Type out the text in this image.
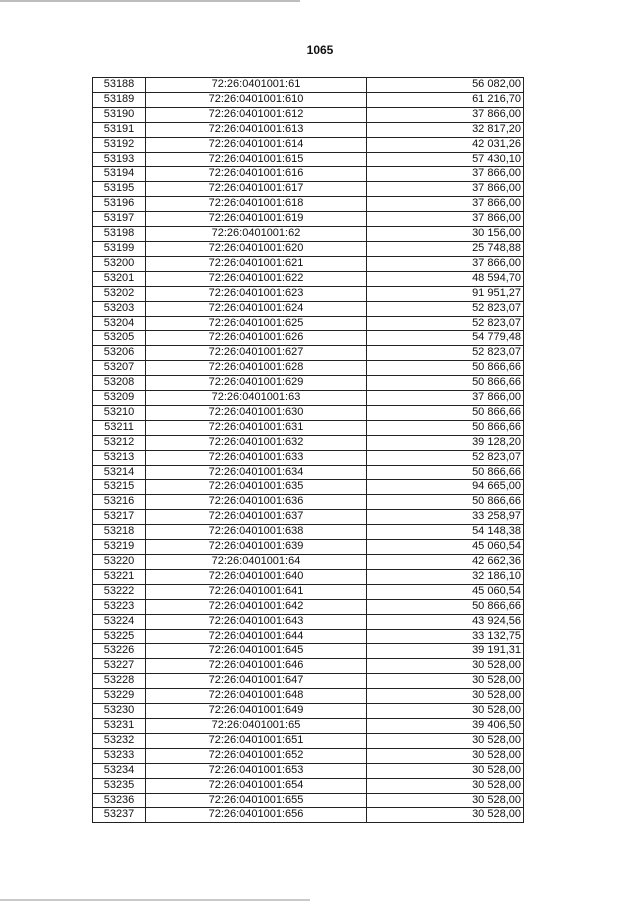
1065
53188	72:26:0401001:61	56 082,00
53189	72:26:0401001:610	61 216,70
53190	72:26:0401001:612	37 866,00
53191	72:26:0401001:613	32 817,20
53192	72:26:0401001:614	42 031,26
53193	72:26:0401001:615	57 430,10
53194	72:26:0401001:616	37 866,00
53195	72:26:0401001:617	37 866,00
53196	72:26:0401001:618	37 866,00
53197	72:26:0401001:619	37 866,00
53198	72:26:0401001:62	30 156,00
53199	72:26:0401001:620	25 748,88
53200	72:26:0401001:621	37 866,00
53201	72:26:0401001:622	48 594,70
53202	72:26:0401001:623	91 951,27
53203	72:26:0401001:624	52 823,07
53204	72:26:0401001:625	52 823,07
53205	72:26:0401001:626	54 779,48
53206	72:26:0401001:627	52 823,07
53207	72:26:0401001:628	50 866,66
53208	72:26:0401001:629	50 866,66
53209	72:26:0401001:63	37 866,00
53210	72:26:0401001:630	50 866,66
53211	72:26:0401001:631	50 866,66
53212	72:26:0401001:632	39 128,20
53213	72:26:0401001:633	52 823,07
53214	72:26:0401001:634	50 866,66
53215	72:26:0401001:635	94 665,00
53216	72:26:0401001:636	50 866,66
53217	72:26:0401001:637	33 258,97
53218	72:26:0401001:638	54 148,38
53219	72:26:0401001:639	45 060,54
53220	72:26:0401001:64	42 662,36
53221	72:26:0401001:640	32 186,10
53222	72:26:0401001:641	45 060,54
53223	72:26:0401001:642	50 866,66
53224	72:26:0401001:643	43 924,56
53225	72:26:0401001:644	33 132,75
53226	72:26:0401001:645	39 191,31
53227	72:26:0401001:646	30 528,00
53228	72:26:0401001:647	30 528,00
53229	72:26:0401001:648	30 528,00
53230	72:26:0401001:649	30 528,00
53231	72:26:0401001:65	39 406,50
53232	72:26:0401001:651	30 528,00
53233	72:26:0401001:652	30 528,00
53234	72:26:0401001:653	30 528,00
53235	72:26:0401001:654	30 528,00
53236	72:26:0401001:655	30 528,00
53237	72:26:0401001:656	30 528,00
